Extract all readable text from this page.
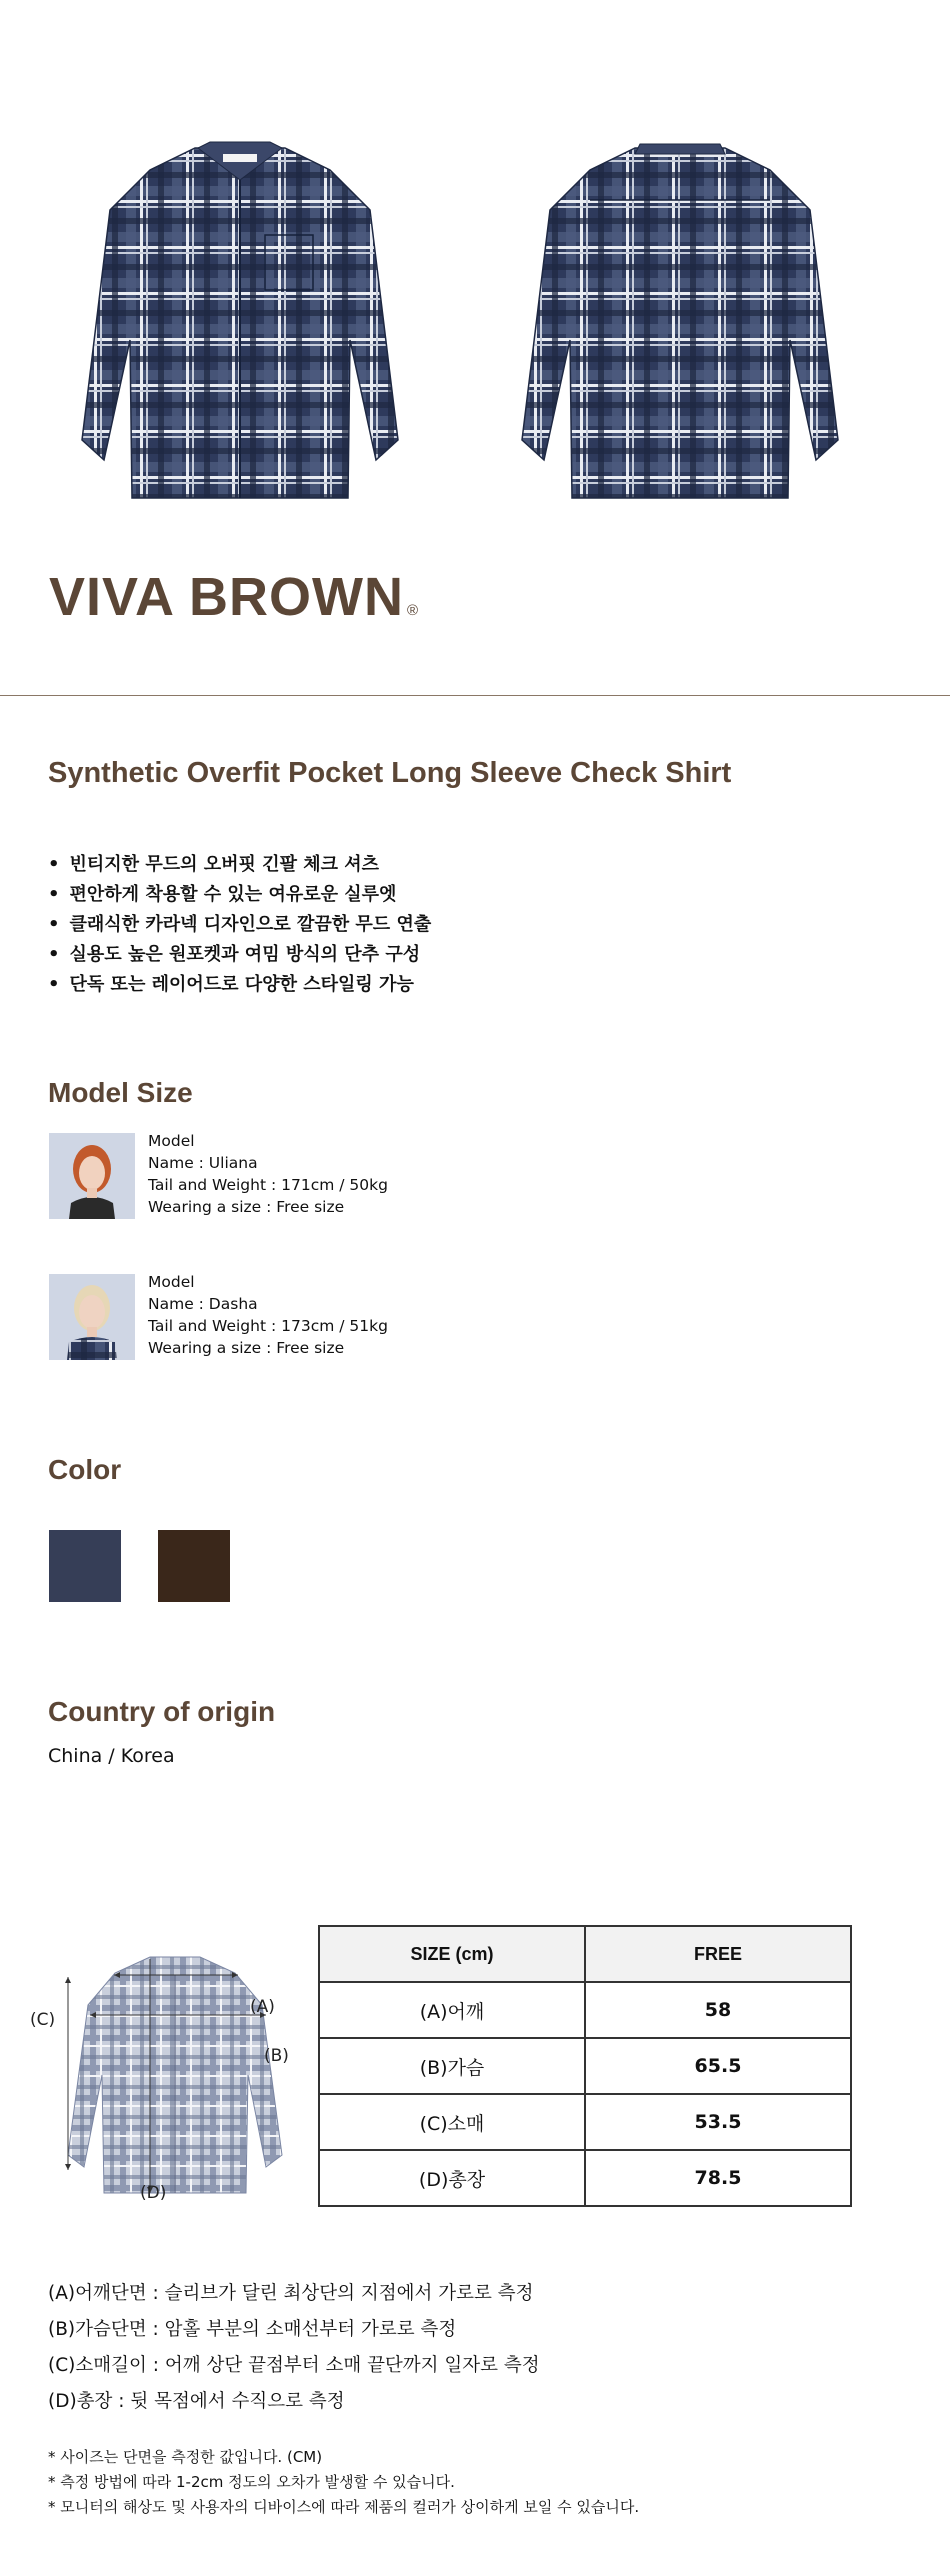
VIVA BROWN ®
Synthetic Overfit Pocket Long Sleeve Check Shirt
• 빈티지한 무드의 오버핏 긴팔 체크 셔츠
• 편안하게 착용할 수 있는 여유로운 실루엣
• 클래식한 카라넥 디자인으로 깔끔한 무드 연출
• 실용도 높은 원포켓과 여밈 방식의 단추 구성
• 단독 또는 레이어드로 다양한 스타일링 가능
Model Size
Model
Name : Uliana
Tail and Weight : 171cm / 50kg
Wearing a size : Free size
Model
Name : Dasha
Tail and Weight : 173cm / 51kg
Wearing a size : Free size
Color
Country of origin
China / Korea
(A)
(B)
(C)
(D)
SIZE (cm)	FREE
(A)어깨	58
(B)가슴	65.5
(C)소매	53.5
(D)총장	78.5
(A)어깨단면 : 슬리브가 달린 최상단의 지점에서 가로로 측정
(B)가슴단면 : 암홀 부분의 소매선부터 가로로 측정
(C)소매길이 : 어깨 상단 끝점부터 소매 끝단까지 일자로 측정
(D)총장 : 뒷 목점에서 수직으로 측정
* 사이즈는 단면을 측정한 값입니다. (CM)
* 측정 방법에 따라 1-2cm 정도의 오차가 발생할 수 있습니다.
* 모니터의 해상도 및 사용자의 디바이스에 따라 제품의 컬러가 상이하게 보일 수 있습니다.
